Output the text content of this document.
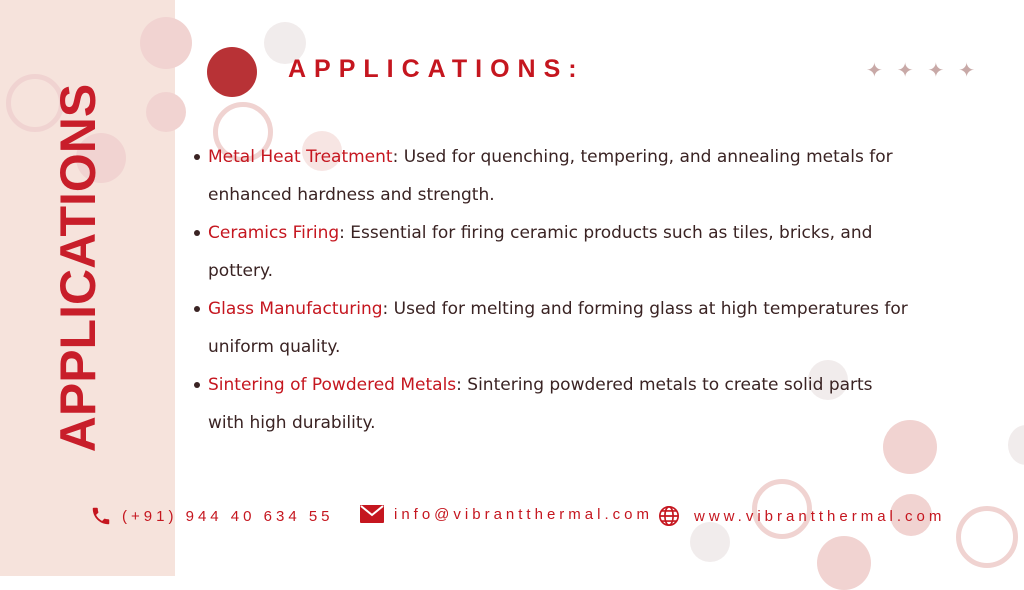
APPLICATIONS
APPLICATIONS:	✦ ✦ ✦ ✦
Metal Heat Treatment: Used for quenching, tempering, and annealing metals for enhanced hardness and strength.
Ceramics Firing: Essential for firing ceramic products such as tiles, bricks, and pottery.
Glass Manufacturing: Used for melting and forming glass at high temperatures for uniform quality.
Sintering of Powdered Metals: Sintering powdered metals to create solid parts with high durability.
(+91) 944 40 634 55	info@vibrantthermal.com	www.vibrantthermal.com
